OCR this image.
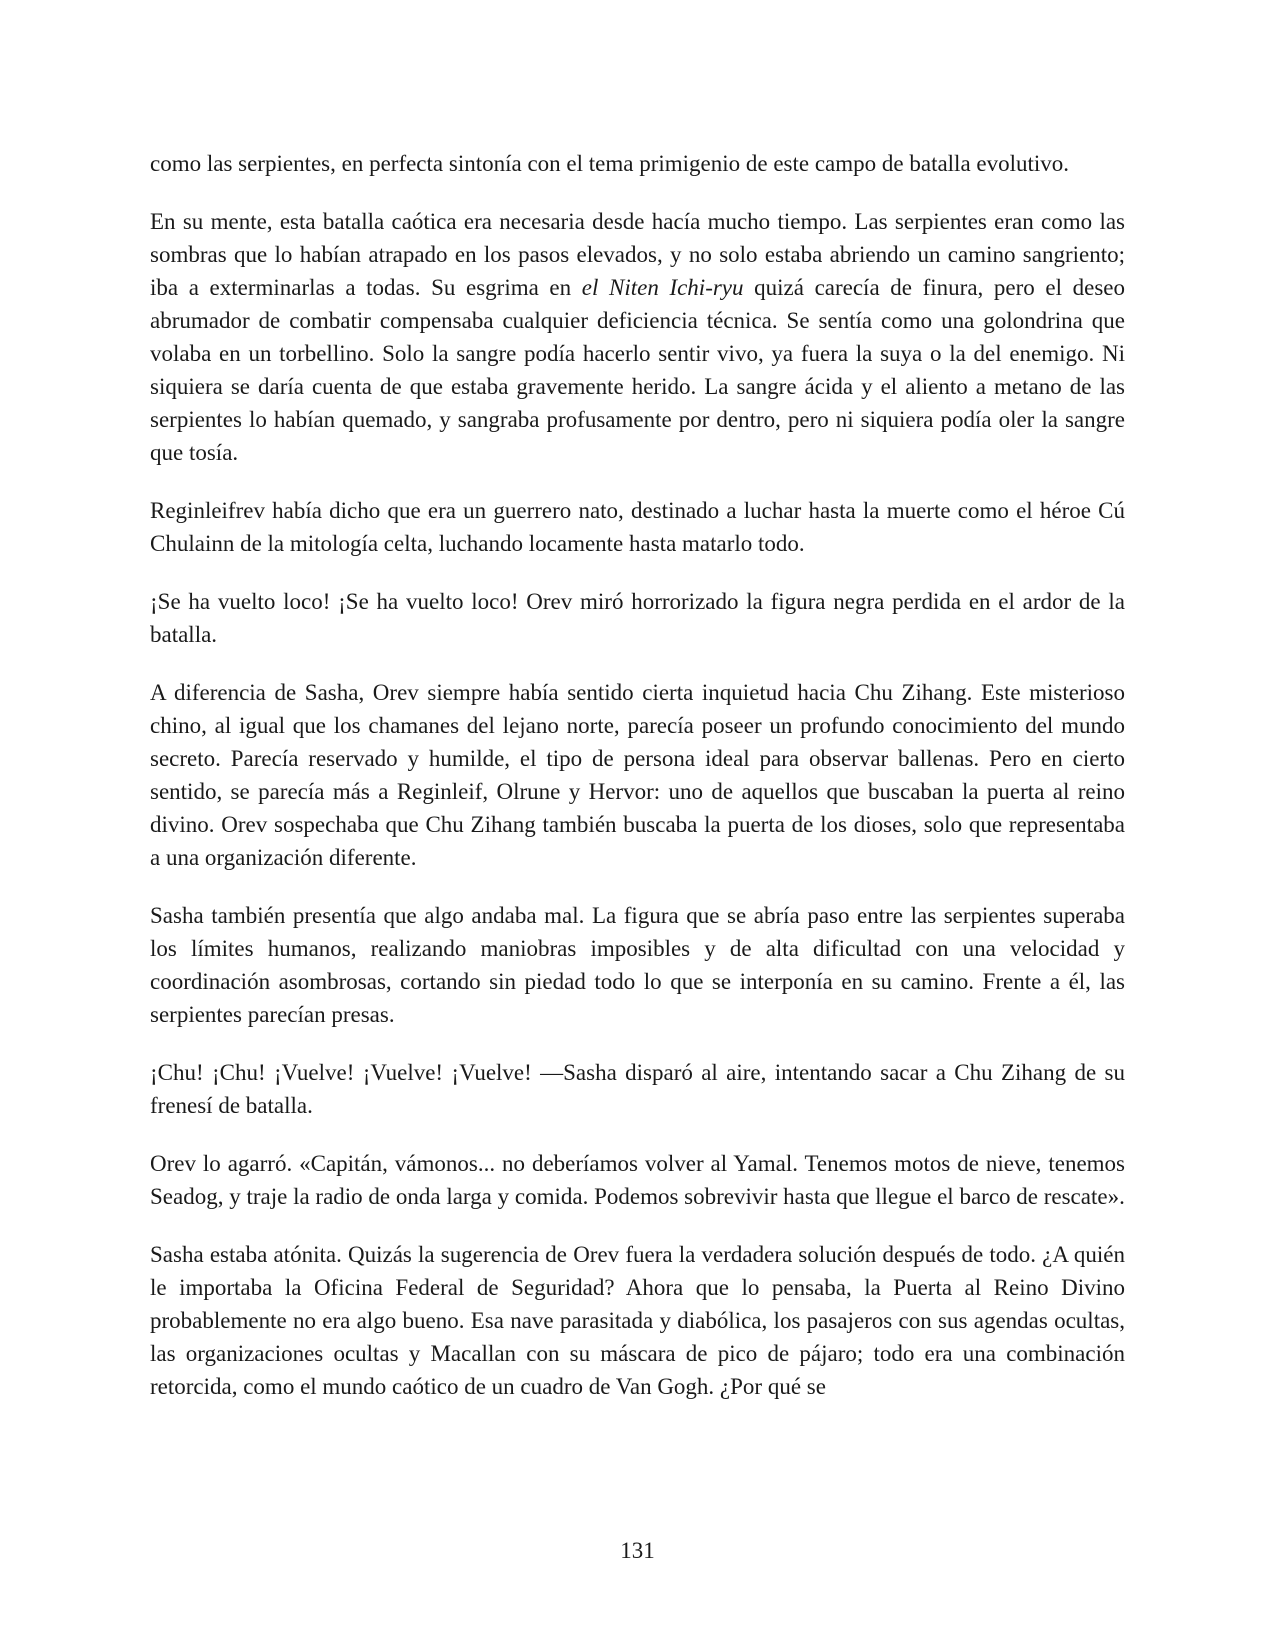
como las serpientes, en perfecta sintonía con el tema primigenio de este campo de batalla evolutivo.

En su mente, esta batalla caótica era necesaria desde hacía mucho tiempo. Las serpientes eran como las sombras que lo habían atrapado en los pasos elevados, y no solo estaba abriendo un camino sangriento; iba a exterminarlas a todas. Su esgrima en el Niten Ichi-ryu quizá carecía de finura, pero el deseo abrumador de combatir compensaba cualquier deficiencia técnica. Se sentía como una golondrina que volaba en un torbellino. Solo la sangre podía hacerlo sentir vivo, ya fuera la suya o la del enemigo. Ni siquiera se daría cuenta de que estaba gravemente herido. La sangre ácida y el aliento a metano de las serpientes lo habían quemado, y sangraba profusamente por dentro, pero ni siquiera podía oler la sangre que tosía.

Reginleifrev había dicho que era un guerrero nato, destinado a luchar hasta la muerte como el héroe Cú Chulainn de la mitología celta, luchando locamente hasta matarlo todo.

¡Se ha vuelto loco! ¡Se ha vuelto loco! Orev miró horrorizado la figura negra perdida en el ardor de la batalla.

A diferencia de Sasha, Orev siempre había sentido cierta inquietud hacia Chu Zihang. Este misterioso chino, al igual que los chamanes del lejano norte, parecía poseer un profundo conocimiento del mundo secreto. Parecía reservado y humilde, el tipo de persona ideal para observar ballenas. Pero en cierto sentido, se parecía más a Reginleif, Olrune y Hervor: uno de aquellos que buscaban la puerta al reino divino. Orev sospechaba que Chu Zihang también buscaba la puerta de los dioses, solo que representaba a una organización diferente.

Sasha también presentía que algo andaba mal. La figura que se abría paso entre las serpientes superaba los límites humanos, realizando maniobras imposibles y de alta dificultad con una velocidad y coordinación asombrosas, cortando sin piedad todo lo que se interponía en su camino. Frente a él, las serpientes parecían presas.

¡Chu! ¡Chu! ¡Vuelve! ¡Vuelve! ¡Vuelve! —Sasha disparó al aire, intentando sacar a Chu Zihang de su frenesí de batalla.

Orev lo agarró. «Capitán, vámonos... no deberíamos volver al Yamal. Tenemos motos de nieve, tenemos Seadog, y traje la radio de onda larga y comida. Podemos sobrevivir hasta que llegue el barco de rescate».

Sasha estaba atónita. Quizás la sugerencia de Orev fuera la verdadera solución después de todo. ¿A quién le importaba la Oficina Federal de Seguridad? Ahora que lo pensaba, la Puerta al Reino Divino probablemente no era algo bueno. Esa nave parasitada y diabólica, los pasajeros con sus agendas ocultas, las organizaciones ocultas y Macallan con su máscara de pico de pájaro; todo era una combinación retorcida, como el mundo caótico de un cuadro de Van Gogh. ¿Por qué se

131
